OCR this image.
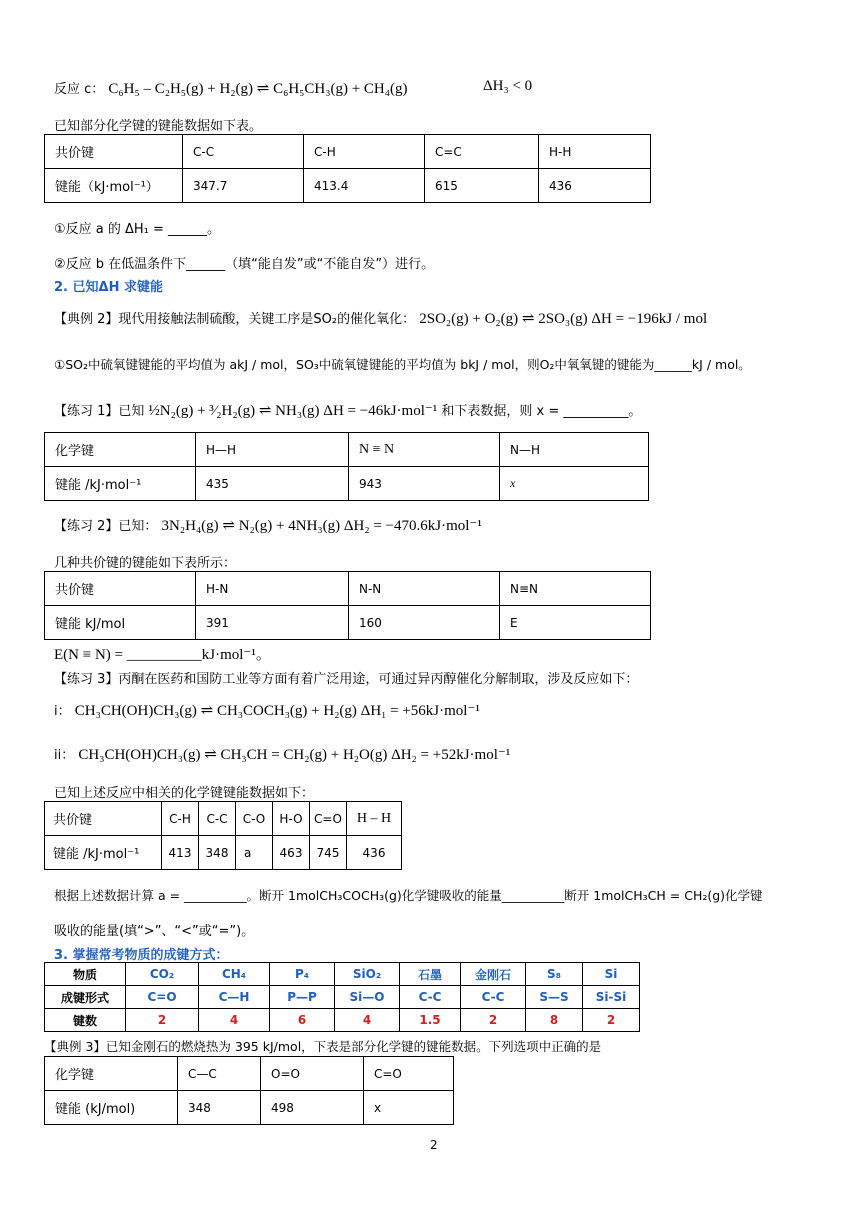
反应 c： C₆H₅ – C₂H₅(g) + H₂(g) ⇌ C₆H₅CH₃(g) + CH₄(g)	ΔH₃ < 0
已知部分化学键的键能数据如下表。
共价键	C-C	C-H	C=C	H-H
键能（kJ·mol⁻¹）	347.7	413.4	615	436
①反应 a 的 ΔH₁ = ______。
②反应 b 在低温条件下______（填“能自发”或“不能自发”）进行。
2. 已知ΔH 求键能
【典例 2】现代用接触法制硫酸，关键工序是SO₂的催化氧化： 2SO₂(g) + O₂(g) ⇌ 2SO₃(g) ΔH = −196kJ / mol
①SO₂中硫氧键键能的平均值为 akJ / mol，SO₃中硫氧键键能的平均值为 bkJ / mol，则O₂中氧氧键的键能为______kJ / mol。
【练习 1】已知 ½N₂(g) + ³⁄₂H₂(g) ⇌ NH₃(g) ΔH = −46kJ·mol⁻¹ 和下表数据，则 x = __________。
化学键	H—H	N ≡ N	N—H
键能 /kJ·mol⁻¹	435	943	x
【练习 2】已知： 3N₂H₄(g) ⇌ N₂(g) + 4NH₃(g) ΔH₂ = −470.6kJ·mol⁻¹
几种共价键的键能如下表所示：
共价键	H-N	N-N	N≡N
键能 kJ/mol	391	160	E
E(N ≡ N) = __________kJ·mol⁻¹。
【练习 3】丙酮在医药和国防工业等方面有着广泛用途，可通过异丙醇催化分解制取，涉及反应如下：
i： CH₃CH(OH)CH₃(g) ⇌ CH₃COCH₃(g) + H₂(g) ΔH₁ = +56kJ·mol⁻¹
ii： CH₃CH(OH)CH₃(g) ⇌ CH₃CH = CH₂(g) + H₂O(g) ΔH₂ = +52kJ·mol⁻¹
已知上述反应中相关的化学键键能数据如下：
共价键	C-H	C-C	C-O	H-O	C=O	H – H
键能 /kJ·mol⁻¹	413	348	a	463	745	436
根据上述数据计算 a = __________。断开 1molCH₃COCH₃(g)化学键吸收的能量__________断开 1molCH₃CH = CH₂(g)化学键
吸收的能量(填“>”、“<”或“=”)。
3. 掌握常考物质的成键方式：
物质	CO₂	CH₄	P₄	SiO₂	石墨	金刚石	S₈	Si
成键形式	C=O	C—H	P—P	Si—O	C-C	C-C	S—S	Si-Si
键数	2	4	6	4	1.5	2	8	2
【典例 3】已知金刚石的燃烧热为 395 kJ/mol，下表是部分化学键的键能数据。下列选项中正确的是
化学键	C—C	O=O	C=O
键能 (kJ/mol)	348	498	x
2
